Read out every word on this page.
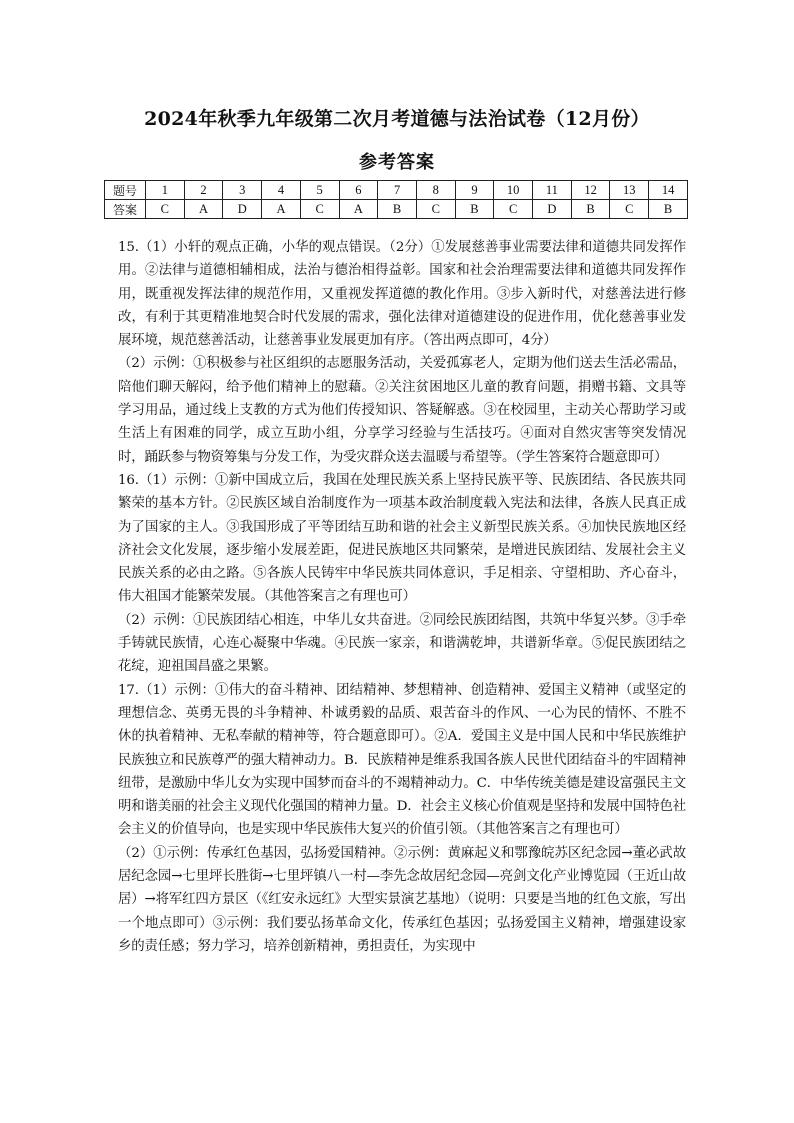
2024年秋季九年级第二次月考道德与法治试卷（12月份）
参考答案
题号	1	2	3	4	5	6	7	8	9	10	11	12	13	14
答案	C	A	D	A	C	A	B	C	B	C	D	B	C	B

15.（1）小轩的观点正确，小华的观点错误。（2分）①发展慈善事业需要法律和道德共同发挥作用。②法律与道德相辅相成，法治与德治相得益彰。国家和社会治理需要法律和道德共同发挥作用，既重视发挥法律的规范作用，又重视发挥道德的教化作用。③步入新时代，对慈善法进行修改，有利于其更精准地契合时代发展的需求，强化法律对道德建设的促进作用，优化慈善事业发展环境，规范慈善活动，让慈善事业发展更加有序。（答出两点即可，4分）

（2）示例：①积极参与社区组织的志愿服务活动，关爱孤寡老人，定期为他们送去生活必需品，陪他们聊天解闷，给予他们精神上的慰藉。②关注贫困地区儿童的教育问题，捐赠书籍、文具等学习用品，通过线上支教的方式为他们传授知识、答疑解惑。③在校园里，主动关心帮助学习或生活上有困难的同学，成立互助小组，分享学习经验与生活技巧。④面对自然灾害等突发情况时，踊跃参与物资筹集与分发工作，为受灾群众送去温暖与希望等。（学生答案符合题意即可）

16.（1）示例：①新中国成立后，我国在处理民族关系上坚持民族平等、民族团结、各民族共同繁荣的基本方针。②民族区域自治制度作为一项基本政治制度载入宪法和法律，各族人民真正成为了国家的主人。③我国形成了平等团结互助和谐的社会主义新型民族关系。④加快民族地区经济社会文化发展，逐步缩小发展差距，促进民族地区共同繁荣，是增进民族团结、发展社会主义民族关系的必由之路。⑤各族人民铸牢中华民族共同体意识，手足相亲、守望相助、齐心奋斗，伟大祖国才能繁荣发展。（其他答案言之有理也可）

（2）示例：①民族团结心相连，中华儿女共奋进。②同绘民族团结图，共筑中华复兴梦。③手牵手铸就民族情，心连心凝聚中华魂。④民族一家亲，和谐满乾坤，共谱新华章。⑤促民族团结之花绽，迎祖国昌盛之果繁。

17.（1）示例：①伟大的奋斗精神、团结精神、梦想精神、创造精神、爱国主义精神（或坚定的理想信念、英勇无畏的斗争精神、朴诚勇毅的品质、艰苦奋斗的作风、一心为民的情怀、不胜不休的执着精神、无私奉献的精神等，符合题意即可）。②A．爱国主义是中国人民和中华民族维护民族独立和民族尊严的强大精神动力。B．民族精神是维系我国各族人民世代团结奋斗的牢固精神纽带，是激励中华儿女为实现中国梦而奋斗的不竭精神动力。C．中华传统美德是建设富强民主文明和谐美丽的社会主义现代化强国的精神力量。D．社会主义核心价值观是坚持和发展中国特色社会主义的价值导向，也是实现中华民族伟大复兴的价值引领。（其他答案言之有理也可）

（2）①示例：传承红色基因，弘扬爱国精神。②示例：黄麻起义和鄂豫皖苏区纪念园→董必武故居纪念园→七里坪长胜街→七里坪镇八一村—李先念故居纪念园—亮剑文化产业博览园（王近山故居）→将军红四方景区（《红安永远红》大型实景演艺基地）（说明：只要是当地的红色文旅，写出一个地点即可）③示例：我们要弘扬革命文化，传承红色基因；弘扬爱国主义精神，增强建设家乡的责任感；努力学习，培养创新精神，勇担责任，为实现中
